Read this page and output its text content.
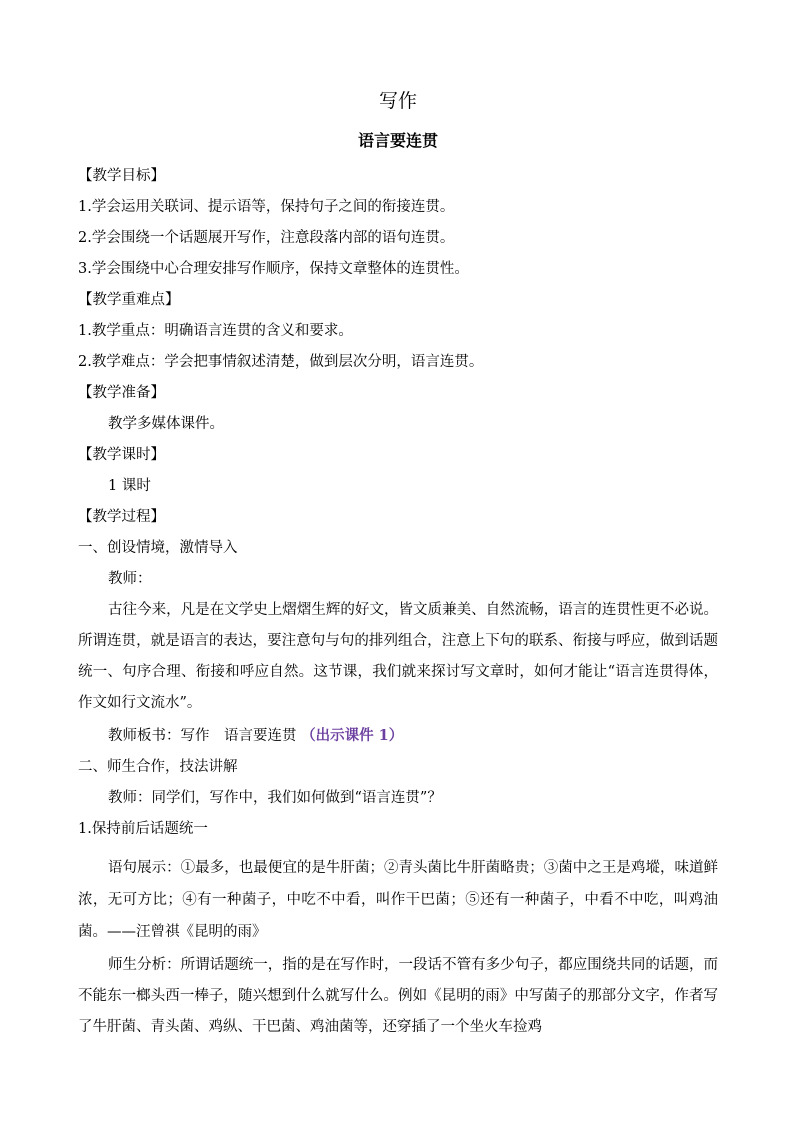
写作
语言要连贯
【教学目标】
1.学会运用关联词、提示语等，保持句子之间的衔接连贯。
2.学会围绕一个话题展开写作，注意段落内部的语句连贯。
3.学会围绕中心合理安排写作顺序，保持文章整体的连贯性。
【教学重难点】
1.教学重点：明确语言连贯的含义和要求。
2.教学难点：学会把事情叙述清楚，做到层次分明，语言连贯。
【教学准备】
教学多媒体课件。
【教学课时】
1 课时
【教学过程】
一、创设情境，激情导入
教师：
古往今来，凡是在文学史上熠熠生辉的好文，皆文质兼美、自然流畅，语言的连贯性更不必说。所谓连贯，就是语言的表达，要注意句与句的排列组合，注意上下句的联系、衔接与呼应，做到话题统一、句序合理、衔接和呼应自然。这节课，我们就来探讨写文章时，如何才能让“语言连贯得体，作文如行文流水”。
教师板书：写作　语言要连贯 （出示课件 1）
二、师生合作，技法讲解
教师：同学们，写作中，我们如何做到“语言连贯”？
1.保持前后话题统一
语句展示：①最多，也最便宜的是牛肝菌；②青头菌比牛肝菌略贵；③菌中之王是鸡㙡，味道鲜浓，无可方比；④有一种菌子，中吃不中看，叫作干巴菌；⑤还有一种菌子，中看不中吃，叫鸡油菌。——汪曾祺《昆明的雨》
师生分析：所谓话题统一，指的是在写作时，一段话不管有多少句子，都应围绕共同的话题，而不能东一榔头西一棒子，随兴想到什么就写什么。例如《昆明的雨》中写菌子的那部分文字，作者写了牛肝菌、青头菌、鸡纵、干巴菌、鸡油菌等，还穿插了一个坐火车捡鸡
